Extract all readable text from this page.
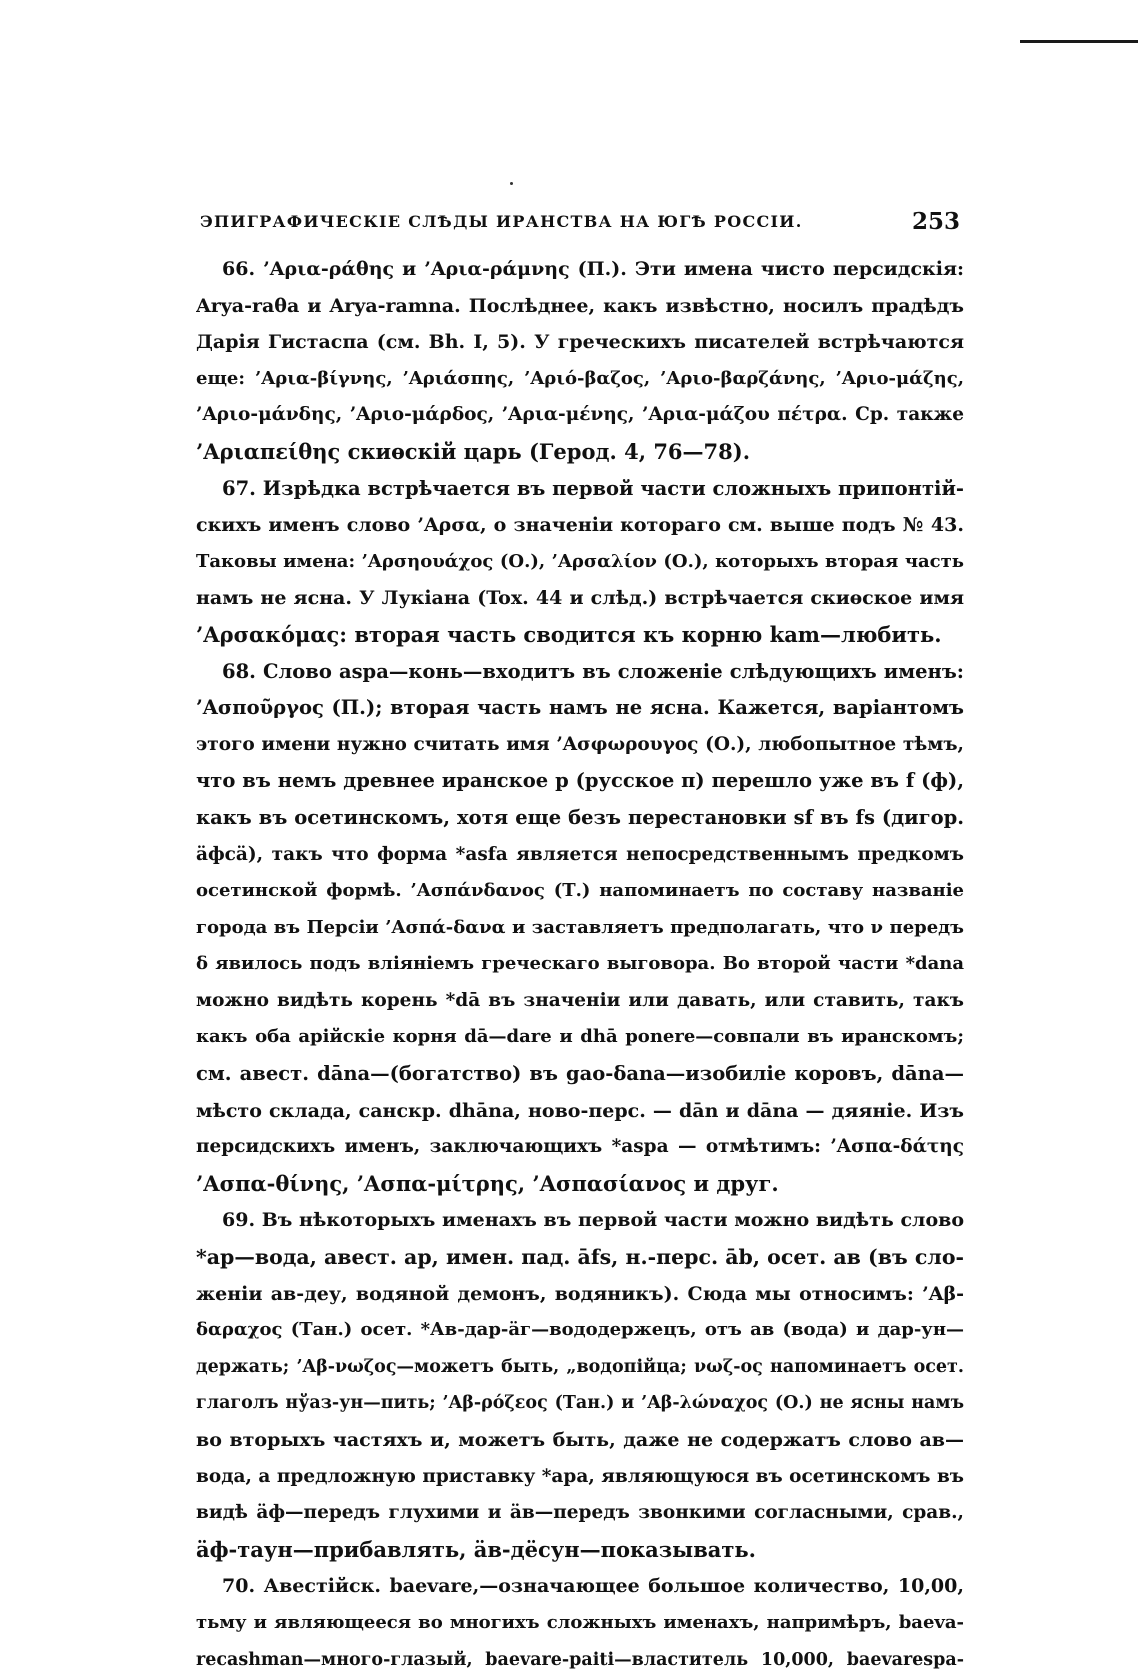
ЭПИГРАФИЧЕСКІЕ СЛѢДЫ ИРАНСТВА НА ЮГѢ РОССІИ.	253
66. ’Αρια-ράθης и ’Αρια-ράμνης (П.). Эти имена чисто персидскія:
Arya-raθa и Arya-ramna. Послѣднее, какъ извѣстно, носилъ прадѣдъ
Дарія Гистаспа (см. Bh. I, 5). У греческихъ писателей встрѣчаются
еще: ’Αρια-βίγνης, ’Αριάσπης, ’Αριό-βαζος, ’Αριο-βαρζάνης, ’Αριο-μάζης,
’Αριο-μάνδης, ’Αριο-μάρδος, ’Αρια-μένης, ’Αρια-μάζου πέτρα. Ср. также
’Αριαπείθης скиѳскій царь (Герод. 4, 76—78).
67. Изрѣдка встрѣчается въ первой части сложныхъ припонтій-
скихъ именъ слово ’Αρσα, о значеніи котораго см. выше подъ № 43.
Таковы имена: ’Αρσηουάχος (О.), ’Αρσαλίον (О.), которыхъ вторая часть
намъ не ясна. У Лукіана (Tox. 44 и слѣд.) встрѣчается скиѳское имя
’Αρσακόμας: вторая часть сводится къ корню kam—любить.
68. Слово aspa—конь—входитъ въ сложеніе слѣдующихъ именъ:
’Ασποῦργος (П.); вторая часть намъ не ясна. Кажется, варіантомъ
этого имени нужно считать имя ’Ασφωρουγος (О.), любопытное тѣмъ,
что въ немъ древнее иранское p (русское п) перешло уже въ f (ф),
какъ въ осетинскомъ, хотя еще безъ перестановки sf въ fs (дигор.
äфсä), такъ что форма *asfa является непосредственнымъ предкомъ
осетинской формѣ. ’Ασπάνδανος (Т.) напоминаетъ по составу названіе
города въ Персіи ’Ασπά-δανα и заставляетъ предполагать, что ν передъ
δ явилось подъ вліяніемъ греческаго выговора. Во второй части *dana
можно видѣть корень *dā въ значеніи или давать, или ставить, такъ
какъ оба арійскіе корня dā—dare и dhā ponere—совпали въ иранскомъ;
см. авест. dāna—(богатство) въ gao-δana—изобиліе коровъ, dāna—
мѣсто склада, санскр. dhāna, ново-перс. — dān и dāna — дяяніе. Изъ
персидскихъ именъ, заключающихъ *aspa — отмѣтимъ: ’Ασπα-δάτης
’Ασπα-θίνης, ’Ασπα-μίτρης, ’Ασπασίανος и друг.
69. Въ нѣкоторыхъ именахъ въ первой части можно видѣть слово
*ap—вода, авест. ap, имен. пад. āfs, н.-перс. āb, осет. ав (въ сло-
женіи ав-деу, водяной демонъ, водяникъ). Сюда мы относимъ: ’Αβ-
δαραχος (Тан.) осет. *Ав-дар-äг—вододержецъ, отъ ав (вода) и дар-ун—
держать; ’Αβ-νωζος—можетъ быть, „водопійца; νωζ-ος напоминаетъ осет.
глаголъ нўаз-ун—пить; ’Αβ-ρόζεος (Тан.) и ’Αβ-λώναχος (О.) не ясны намъ
во вторыхъ частяхъ и, можетъ быть, даже не содержатъ слово ав—
вода, а предложную приставку *apa, являющуюся въ осетинскомъ въ
видѣ äф—передъ глухими и äв—передъ звонкими согласными, срав.,
äф-таун—прибавлять, äв-дëсун—показывать.
70. Авестійск. baevare,—означающее большое количество, 10,00,
тьму и являющееся во многихъ сложныхъ именахъ, напримѣръ, baeva-
recashman—много-глазый, baevare-paiti—властитель 10,000, baevarespa-
